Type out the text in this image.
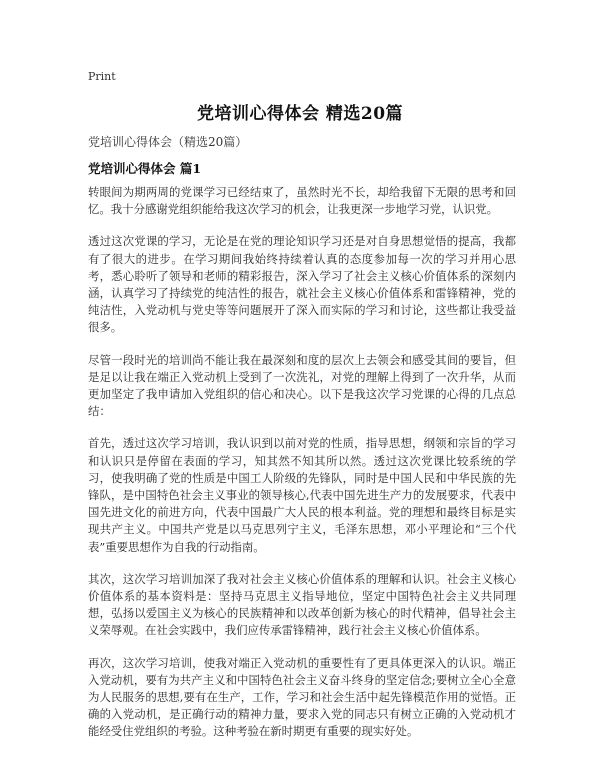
Print
党培训心得体会 精选20篇
党培训心得体会（精选20篇）
党培训心得体会 篇1

转眼间为期两周的党课学习已经结束了，虽然时光不长，却给我留下无限的思考和回忆。我十分感谢党组织能给我这次学习的机会，让我更深一步地学习党，认识党。

透过这次党课的学习，无论是在党的理论知识学习还是对自身思想觉悟的提高，我都有了很大的进步。在学习期间我始终持续着认真的态度参加每一次的学习并用心思考，悉心聆听了领导和老师的精彩报告，深入学习了社会主义核心价值体系的深刻内涵，认真学习了持续党的纯洁性的报告，就社会主义核心价值体系和雷锋精神，党的纯洁性，入党动机与党史等等问题展开了深入而实际的学习和讨论，这些都让我受益很多。

尽管一段时光的培训尚不能让我在最深刻和度的层次上去领会和感受其间的要旨，但是足以让我在端正入党动机上受到了一次洗礼，对党的理解上得到了一次升华，从而更加坚定了我申请加入党组织的信心和决心。以下是我这次学习党课的心得的几点总结：

首先，透过这次学习培训，我认识到以前对党的性质，指导思想，纲领和宗旨的学习和认识只是停留在表面的学习，知其然不知其所以然。透过这次党课比较系统的学习，使我明确了党的性质是中国工人阶级的先锋队，同时是中国人民和中华民族的先锋队，是中国特色社会主义事业的领导核心,代表中国先进生产力的发展要求，代表中国先进文化的前进方向，代表中国最广大人民的根本利益。党的理想和最终目标是实现共产主义。中国共产党是以马克思列宁主义，毛泽东思想，邓小平理论和“三个代表”重要思想作为自我的行动指南。

其次，这次学习培训加深了我对社会主义核心价值体系的理解和认识。社会主义核心价值体系的基本资料是：坚持马克思主义指导地位，坚定中国特色社会主义共同理想，弘扬以爱国主义为核心的民族精神和以改革创新为核心的时代精神，倡导社会主义荣辱观。在社会实践中，我们应传承雷锋精神，践行社会主义核心价值体系。

再次，这次学习培训，使我对端正入党动机的重要性有了更具体更深入的认识。端正入党动机，要有为共产主义和中国特色社会主义奋斗终身的坚定信念;要树立全心全意为人民服务的思想,要有在生产，工作，学习和社会生活中起先锋模范作用的觉悟。正确的入党动机，是正确行动的精神力量，要求入党的同志只有树立正确的入党动机才能经受住党组织的考验。这种考验在新时期更有重要的现实好处。
